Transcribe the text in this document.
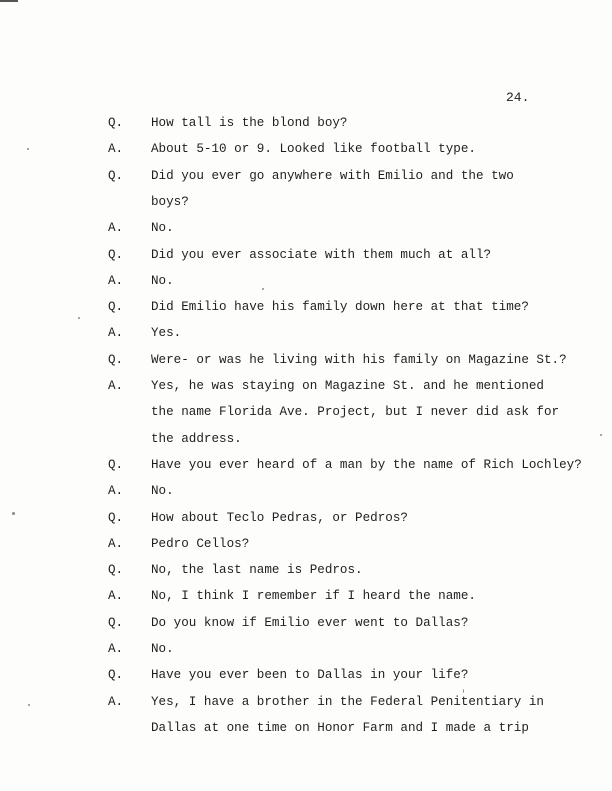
24.
Q.	How tall is the blond boy?
A.	About 5-10 or 9. Looked like football type.
Q.	Did you ever go anywhere with Emilio and the two
boys?
A.	No.
Q.	Did you ever associate with them much at all?
A.	No.
Q.	Did Emilio have his family down here at that time?
A.	Yes.
Q.	Were- or was he living with his family on Magazine St.?
A.	Yes, he was staying on Magazine St. and he mentioned
the name Florida Ave. Project, but I never did ask for
the address.
Q.	Have you ever heard of a man by the name of Rich Lochley?
A.	No.
Q.	How about Teclo Pedras, or Pedros?
A.	Pedro Cellos?
Q.	No, the last name is Pedros.
A.	No, I think I remember if I heard the name.
Q.	Do you know if Emilio ever went to Dallas?
A.	No.
Q.	Have you ever been to Dallas in your life?
A.	Yes, I have a brother in the Federal Penitentiary in
Dallas at one time on Honor Farm and I made a trip
